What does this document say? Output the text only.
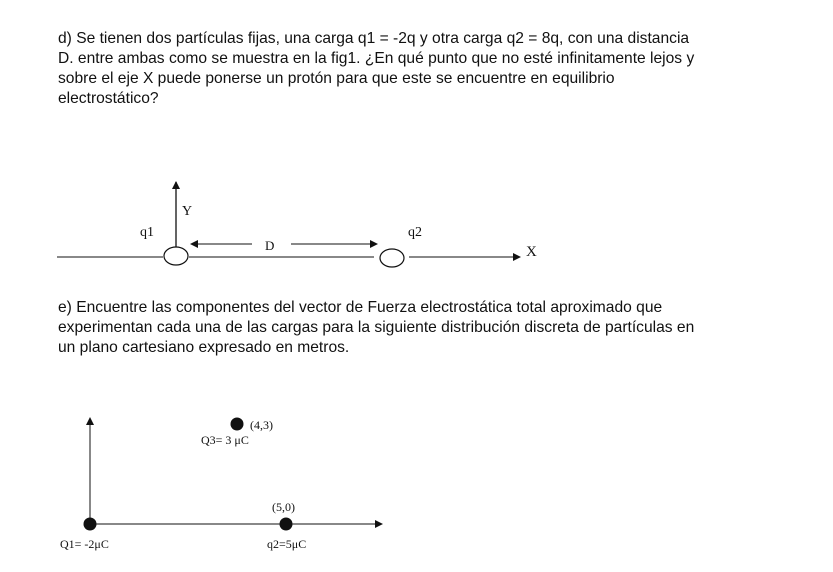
d) Se tienen dos partículas fijas, una carga q1 = -2q y otra carga q2 = 8q, con una distancia
D. entre ambas como se muestra en la fig1. ¿En qué punto que no esté infinitamente lejos y
sobre el eje X puede ponerse un protón para que este se encuentre en equilibrio
electrostático?
Y
q1	q2
D	X
(4,3)
Q3= 3 μC
(5,0)
q2=5μC
Q1= -2μC
e) Encuentre las componentes del vector de Fuerza electrostática total aproximado que
experimentan cada una de las cargas para la siguiente distribución discreta de partículas en
un plano cartesiano expresado en metros.
